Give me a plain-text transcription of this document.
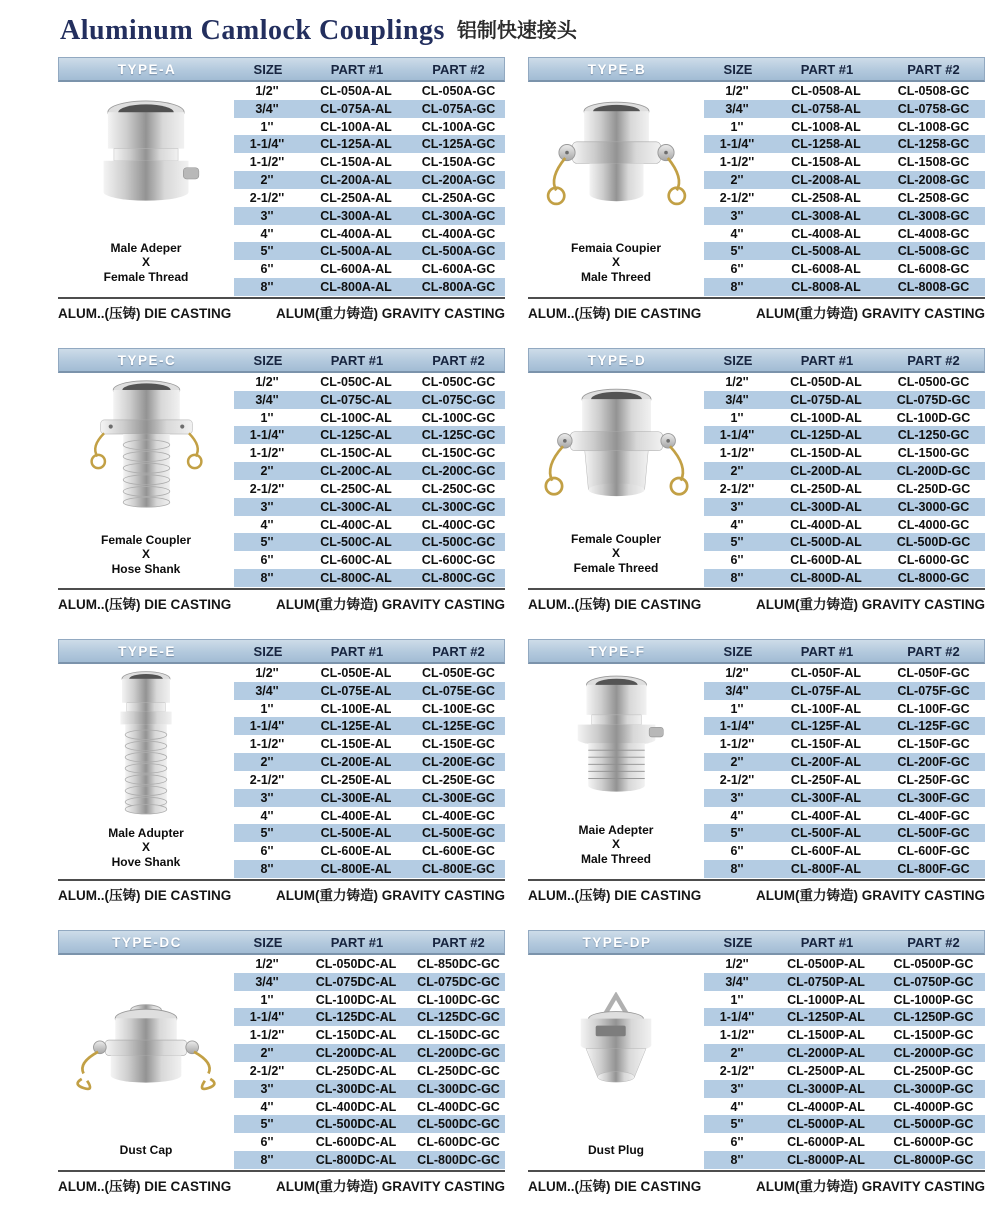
Aluminum Camlock Couplings 铝制快速接头
TYPE-A	SIZE	PART #1	PART #2
Male Adeper
X
Female Thread
1/2''	CL-050A-AL	CL-050A-GC
3/4''	CL-075A-AL	CL-075A-GC
1''	CL-100A-AL	CL-100A-GC
1-1/4''	CL-125A-AL	CL-125A-GC
1-1/2''	CL-150A-AL	CL-150A-GC
2''	CL-200A-AL	CL-200A-GC
2-1/2''	CL-250A-AL	CL-250A-GC
3''	CL-300A-AL	CL-300A-GC
4''	CL-400A-AL	CL-400A-GC
5''	CL-500A-AL	CL-500A-GC
6''	CL-600A-AL	CL-600A-GC
8''	CL-800A-AL	CL-800A-GC
ALUM..(压铸) DIE CASTING	ALUM(重力铸造) GRAVITY CASTING
TYPE-B	SIZE	PART #1	PART #2
Femaia Coupier
X
Male Threed
1/2''	CL-0508-AL	CL-0508-GC
3/4''	CL-0758-AL	CL-0758-GC
1''	CL-1008-AL	CL-1008-GC
1-1/4''	CL-1258-AL	CL-1258-GC
1-1/2''	CL-1508-AL	CL-1508-GC
2''	CL-2008-AL	CL-2008-GC
2-1/2''	CL-2508-AL	CL-2508-GC
3''	CL-3008-AL	CL-3008-GC
4''	CL-4008-AL	CL-4008-GC
5''	CL-5008-AL	CL-5008-GC
6''	CL-6008-AL	CL-6008-GC
8''	CL-8008-AL	CL-8008-GC
ALUM..(压铸) DIE CASTING	ALUM(重力铸造) GRAVITY CASTING
TYPE-C	SIZE	PART #1	PART #2
Female Coupler
X
Hose Shank
1/2''	CL-050C-AL	CL-050C-GC
3/4''	CL-075C-AL	CL-075C-GC
1''	CL-100C-AL	CL-100C-GC
1-1/4''	CL-125C-AL	CL-125C-GC
1-1/2''	CL-150C-AL	CL-150C-GC
2''	CL-200C-AL	CL-200C-GC
2-1/2''	CL-250C-AL	CL-250C-GC
3''	CL-300C-AL	CL-300C-GC
4''	CL-400C-AL	CL-400C-GC
5''	CL-500C-AL	CL-500C-GC
6''	CL-600C-AL	CL-600C-GC
8''	CL-800C-AL	CL-800C-GC
ALUM..(压铸) DIE CASTING	ALUM(重力铸造) GRAVITY CASTING
TYPE-D	SIZE	PART #1	PART #2
Female Coupler
X
Female Threed
1/2''	CL-050D-AL	CL-0500-GC
3/4''	CL-075D-AL	CL-075D-GC
1''	CL-100D-AL	CL-100D-GC
1-1/4''	CL-125D-AL	CL-1250-GC
1-1/2''	CL-150D-AL	CL-1500-GC
2''	CL-200D-AL	CL-200D-GC
2-1/2''	CL-250D-AL	CL-250D-GC
3''	CL-300D-AL	CL-3000-GC
4''	CL-400D-AL	CL-4000-GC
5''	CL-500D-AL	CL-500D-GC
6''	CL-600D-AL	CL-6000-GC
8''	CL-800D-AL	CL-8000-GC
ALUM..(压铸) DIE CASTING	ALUM(重力铸造) GRAVITY CASTING
TYPE-E	SIZE	PART #1	PART #2
Male Adupter
X
Hove Shank
1/2''	CL-050E-AL	CL-050E-GC
3/4''	CL-075E-AL	CL-075E-GC
1''	CL-100E-AL	CL-100E-GC
1-1/4''	CL-125E-AL	CL-125E-GC
1-1/2''	CL-150E-AL	CL-150E-GC
2''	CL-200E-AL	CL-200E-GC
2-1/2''	CL-250E-AL	CL-250E-GC
3''	CL-300E-AL	CL-300E-GC
4''	CL-400E-AL	CL-400E-GC
5''	CL-500E-AL	CL-500E-GC
6''	CL-600E-AL	CL-600E-GC
8''	CL-800E-AL	CL-800E-GC
ALUM..(压铸) DIE CASTING	ALUM(重力铸造) GRAVITY CASTING
TYPE-F	SIZE	PART #1	PART #2
Maie Adepter
X
Male Threed
1/2''	CL-050F-AL	CL-050F-GC
3/4''	CL-075F-AL	CL-075F-GC
1''	CL-100F-AL	CL-100F-GC
1-1/4''	CL-125F-AL	CL-125F-GC
1-1/2''	CL-150F-AL	CL-150F-GC
2''	CL-200F-AL	CL-200F-GC
2-1/2''	CL-250F-AL	CL-250F-GC
3''	CL-300F-AL	CL-300F-GC
4''	CL-400F-AL	CL-400F-GC
5''	CL-500F-AL	CL-500F-GC
6''	CL-600F-AL	CL-600F-GC
8''	CL-800F-AL	CL-800F-GC
ALUM..(压铸) DIE CASTING	ALUM(重力铸造) GRAVITY CASTING
TYPE-DC	SIZE	PART #1	PART #2
Dust Cap
1/2''	CL-050DC-AL	CL-850DC-GC
3/4''	CL-075DC-AL	CL-075DC-GC
1''	CL-100DC-AL	CL-100DC-GC
1-1/4''	CL-125DC-AL	CL-125DC-GC
1-1/2''	CL-150DC-AL	CL-150DC-GC
2''	CL-200DC-AL	CL-200DC-GC
2-1/2''	CL-250DC-AL	CL-250DC-GC
3''	CL-300DC-AL	CL-300DC-GC
4''	CL-400DC-AL	CL-400DC-GC
5''	CL-500DC-AL	CL-500DC-GC
6''	CL-600DC-AL	CL-600DC-GC
8''	CL-800DC-AL	CL-800DC-GC
ALUM..(压铸) DIE CASTING	ALUM(重力铸造) GRAVITY CASTING
TYPE-DP	SIZE	PART #1	PART #2
Dust Plug
1/2''	CL-0500P-AL	CL-0500P-GC
3/4''	CL-0750P-AL	CL-0750P-GC
1''	CL-1000P-AL	CL-1000P-GC
1-1/4''	CL-1250P-AL	CL-1250P-GC
1-1/2''	CL-1500P-AL	CL-1500P-GC
2''	CL-2000P-AL	CL-2000P-GC
2-1/2''	CL-2500P-AL	CL-2500P-GC
3''	CL-3000P-AL	CL-3000P-GC
4''	CL-4000P-AL	CL-4000P-GC
5''	CL-5000P-AL	CL-5000P-GC
6''	CL-6000P-AL	CL-6000P-GC
8''	CL-8000P-AL	CL-8000P-GC
ALUM..(压铸) DIE CASTING	ALUM(重力铸造) GRAVITY CASTING
